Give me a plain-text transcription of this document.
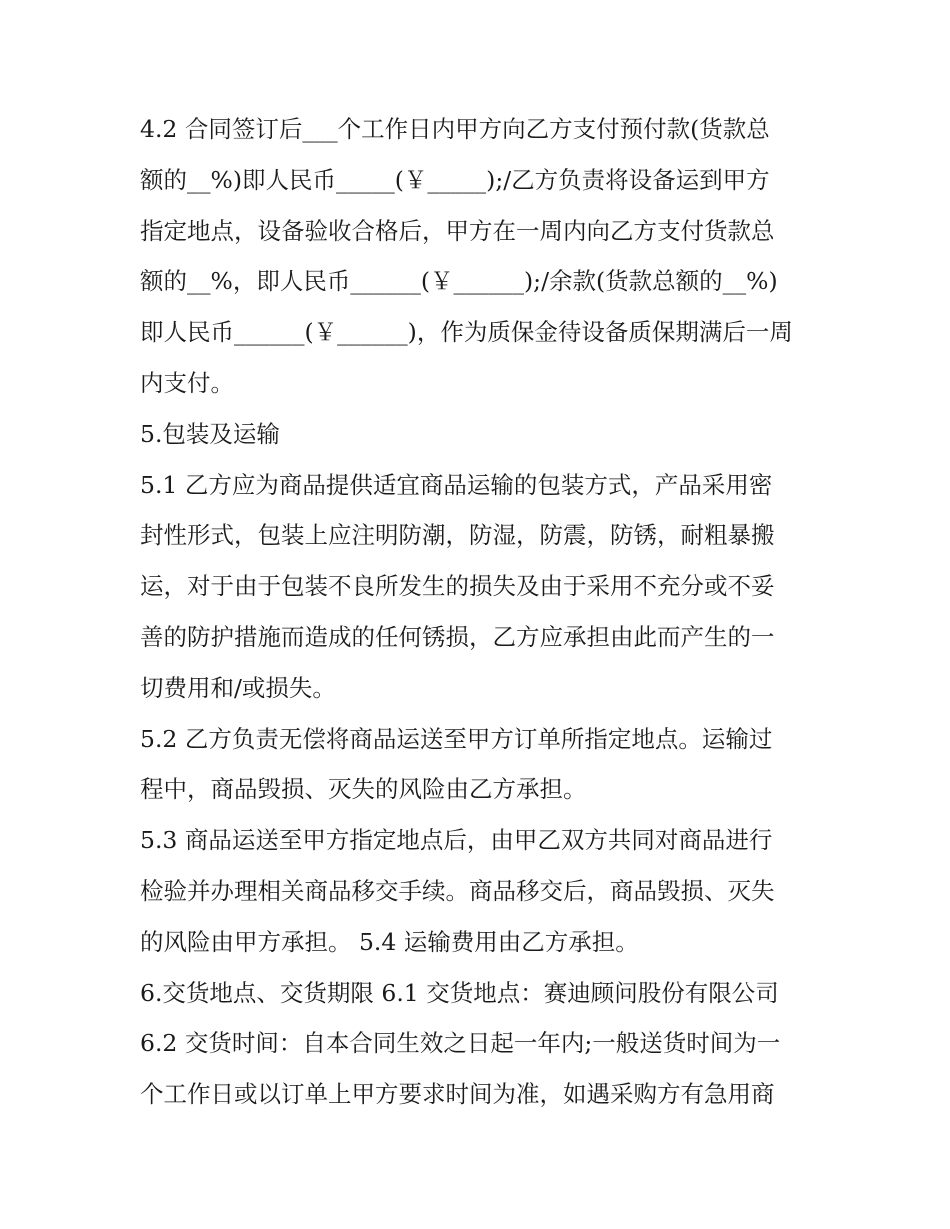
4.2 合同签订后___个工作日内甲方向乙方支付预付款(货款总
额的__%)即人民币_____(￥_____);/乙方负责将设备运到甲方
指定地点，设备验收合格后，甲方在一周内向乙方支付货款总
额的__%，即人民币______(￥______);/余款(货款总额的__%)
即人民币______(￥______)，作为质保金待设备质保期满后一周
内支付。
5.包装及运输
5.1 乙方应为商品提供适宜商品运输的包装方式，产品采用密
封性形式，包装上应注明防潮，防湿，防震，防锈，耐粗暴搬
运，对于由于包装不良所发生的损失及由于采用不充分或不妥
善的防护措施而造成的任何锈损，乙方应承担由此而产生的一
切费用和/或损失。
5.2 乙方负责无偿将商品运送至甲方订单所指定地点。运输过
程中，商品毁损、灭失的风险由乙方承担。
5.3 商品运送至甲方指定地点后，由甲乙双方共同对商品进行
检验并办理相关商品移交手续。商品移交后，商品毁损、灭失
的风险由甲方承担。 5.4 运输费用由乙方承担。
6.交货地点、交货期限 6.1 交货地点：赛迪顾问股份有限公司
6.2 交货时间：自本合同生效之日起一年内;一般送货时间为一
个工作日或以订单上甲方要求时间为准，如遇采购方有急用商
